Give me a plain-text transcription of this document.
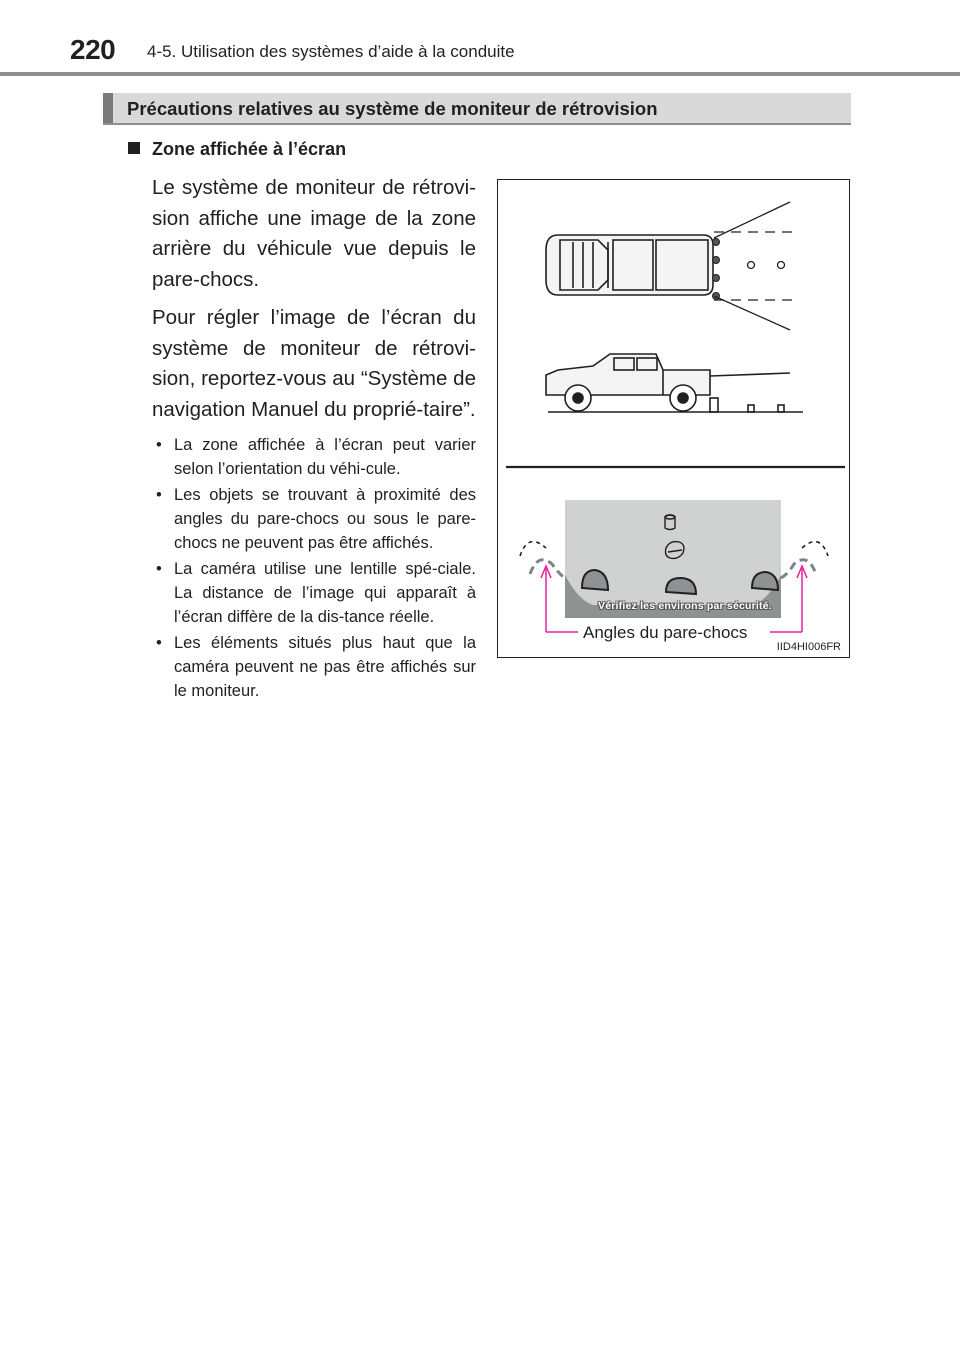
220 4-5. Utilisation des systèmes d’aide à la conduite
Précautions relatives au système de moniteur de rétrovision
Zone affichée à l’écran

Le système de moniteur de rétrovi-sion affiche une image de la zone arrière du véhicule vue depuis le pare-chocs.

Pour régler l’image de l’écran du système de moniteur de rétrovi-sion, reportez-vous au “Système de navigation Manuel du proprié-taire”.

• La zone affichée à l’écran peut varier selon l’orientation du véhi-cule.
• Les objets se trouvant à proximité des angles du pare-chocs ou sous le pare-chocs ne peuvent pas être affichés.
• La caméra utilise une lentille spé-ciale. La distance de l’image qui apparaît à l’écran diffère de la dis-tance réelle.
• Les éléments situés plus haut que la caméra peuvent ne pas être affichés sur le moniteur.
Vérifiez les environs par sécurité.
Angles du pare-chocs
IID4HI006FR
